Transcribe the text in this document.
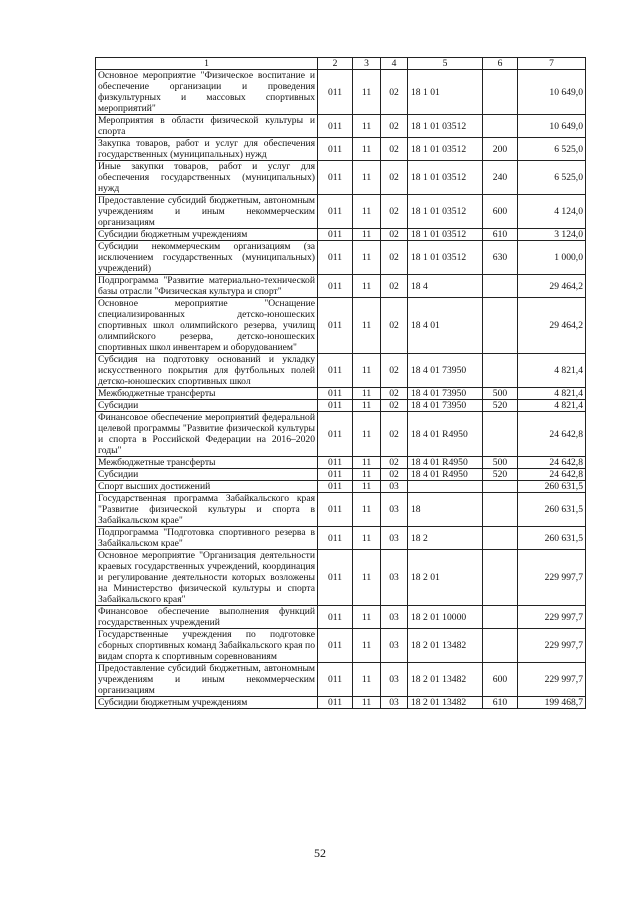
1	2	3	4	5	6	7
Основное мероприятие "Физическое воспитание и обеспечение организации и проведения физкультурных и массовых спортивных мероприятий"	011	11	02	18 1 01		10 649,0
Мероприятия в области физической культуры и спорта	011	11	02	18 1 01 03512		10 649,0
Закупка товаров, работ и услуг для обеспечения государственных (муниципальных) нужд	011	11	02	18 1 01 03512	200	6 525,0
Иные закупки товаров, работ и услуг для обеспечения государственных (муниципальных) нужд	011	11	02	18 1 01 03512	240	6 525,0
Предоставление субсидий бюджетным, автономным учреждениям и иным некоммерческим организациям	011	11	02	18 1 01 03512	600	4 124,0
Субсидии бюджетным учреждениям	011	11	02	18 1 01 03512	610	3 124,0
Субсидии некоммерческим организациям (за исключением государственных (муниципальных) учреждений)	011	11	02	18 1 01 03512	630	1 000,0
Подпрограмма "Развитие материально-технической базы отрасли "Физическая культура и спорт"	011	11	02	18 4		29 464,2
Основное мероприятие "Оснащение специализированных детско-юношеских спортивных школ олимпийского резерва, училищ олимпийского резерва, детско-юношеских спортивных школ инвентарем и оборудованием"	011	11	02	18 4 01		29 464,2
Субсидия на подготовку оснований и укладку искусственного покрытия для футбольных полей детско-юношеских спортивных школ	011	11	02	18 4 01 73950		4 821,4
Межбюджетные трансферты	011	11	02	18 4 01 73950	500	4 821,4
Субсидии	011	11	02	18 4 01 73950	520	4 821,4
Финансовое обеспечение мероприятий федеральной целевой программы "Развитие физической культуры и спорта в Российской Федерации на 2016–2020 годы"	011	11	02	18 4 01 R4950		24 642,8
Межбюджетные трансферты	011	11	02	18 4 01 R4950	500	24 642,8
Субсидии	011	11	02	18 4 01 R4950	520	24 642,8
Спорт высших достижений	011	11	03			260 631,5
Государственная программа Забайкальского края "Развитие физической культуры и спорта в Забайкальском крае"	011	11	03	18		260 631,5
Подпрограмма "Подготовка спортивного резерва в Забайкальском крае"	011	11	03	18 2		260 631,5
Основное мероприятие "Организация деятельности краевых государственных учреждений, координация и регулирование деятельности которых возложены на Министерство физической культуры и спорта Забайкальского края"	011	11	03	18 2 01		229 997,7
Финансовое обеспечение выполнения функций государственных учреждений	011	11	03	18 2 01 10000		229 997,7
Государственные учреждения по подготовке сборных спортивных команд Забайкальского края по видам спорта к спортивным соревнованиям	011	11	03	18 2 01 13482		229 997,7
Предоставление субсидий бюджетным, автономным учреждениям и иным некоммерческим организациям	011	11	03	18 2 01 13482	600	229 997,7
Субсидии бюджетным учреждениям	011	11	03	18 2 01 13482	610	199 468,7
52
